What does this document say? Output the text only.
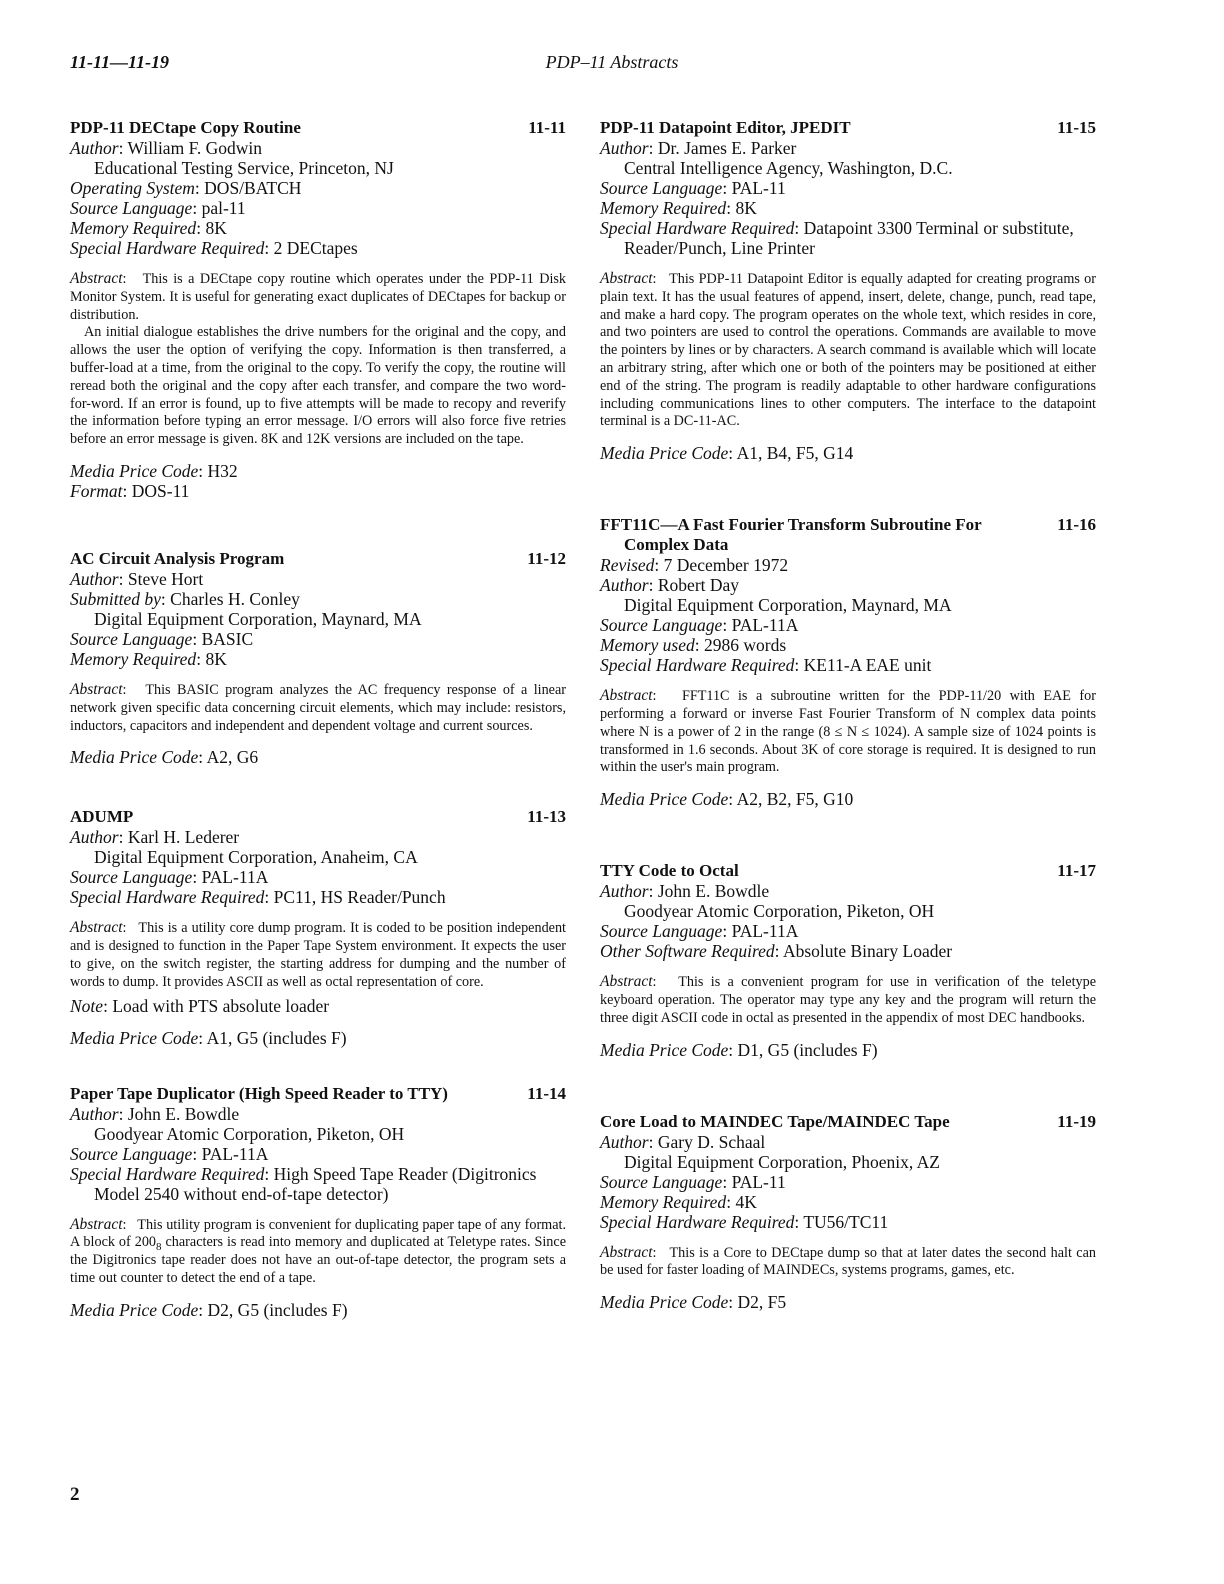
PDP–11 Abstracts
11-11—11-19
PDP-11 DECtape Copy Routine	11-11
Author: William F. Godwin
Educational Testing Service, Princeton, NJ
Operating System: DOS/BATCH
Source Language: pal-11
Memory Required: 8K
Special Hardware Required: 2 DECtapes

Abstract:   This is a DECtape copy routine which operates under the PDP-11 Disk Monitor System. It is useful for generating exact duplicates of DECtapes for backup or distribution.

An initial dialogue establishes the drive numbers for the original and the copy, and allows the user the option of verifying the copy. Information is then transferred, a buffer-load at a time, from the original to the copy. To verify the copy, the routine will reread both the original and the copy after each transfer, and compare the two word-for-word. If an error is found, up to five attempts will be made to recopy and reverify the information before typing an error message. I/O errors will also force five retries before an error message is given. 8K and 12K versions are included on the tape.

Media Price Code: H32
Format: DOS-11
AC Circuit Analysis Program	11-12
Author: Steve Hort
Submitted by: Charles H. Conley
Digital Equipment Corporation, Maynard, MA
Source Language: BASIC
Memory Required: 8K

Abstract:   This BASIC program analyzes the AC frequency response of a linear network given specific data concerning circuit elements, which may include: resistors, inductors, capacitors and independent and dependent voltage and current sources.

Media Price Code: A2, G6
ADUMP	11-13
Author: Karl H. Lederer
Digital Equipment Corporation, Anaheim, CA
Source Language: PAL-11A
Special Hardware Required: PC11, HS Reader/Punch

Abstract:   This is a utility core dump program. It is coded to be position independent and is designed to function in the Paper Tape System environment. It expects the user to give, on the switch register, the starting address for dumping and the number of words to dump. It provides ASCII as well as octal representation of core.

Note: Load with PTS absolute loader
Media Price Code: A1, G5 (includes F)
Paper Tape Duplicator (High Speed Reader to TTY)	11-14
Author: John E. Bowdle
Goodyear Atomic Corporation, Piketon, OH
Source Language: PAL-11A
Special Hardware Required: High Speed Tape Reader (Digitronics Model 2540 without end-of-tape detector)

Abstract:   This utility program is convenient for duplicating paper tape of any format. A block of $200_8$ characters is read into memory and duplicated at Teletype rates. Since the Digitronics tape reader does not have an out-of-tape detector, the program sets a time out counter to detect the end of a tape.

Media Price Code: D2, G5 (includes F)
PDP-11 Datapoint Editor, JPEDIT	11-15
Author: Dr. James E. Parker
Central Intelligence Agency, Washington, D.C.
Source Language: PAL-11
Memory Required: 8K
Special Hardware Required: Datapoint 3300 Terminal or substitute, Reader/Punch, Line Printer

Abstract:   This PDP-11 Datapoint Editor is equally adapted for creating programs or plain text. It has the usual features of append, insert, delete, change, punch, read tape, and make a hard copy. The program operates on the whole text, which resides in core, and two pointers are used to control the operations. Commands are available to move the pointers by lines or by characters. A search command is available which will locate an arbitrary string, after which one or both of the pointers may be positioned at either end of the string. The program is readily adaptable to other hardware configurations including communications lines to other computers. The interface to the datapoint terminal is a DC-11-AC.

Media Price Code: A1, B4, F5, G14
FFT11C—A Fast Fourier Transform Subroutine For Complex Data
11-16
Revised: 7 December 1972
Author: Robert Day
Digital Equipment Corporation, Maynard, MA
Source Language: PAL-11A
Memory used: 2986 words
Special Hardware Required: KE11-A EAE unit

Abstract:   FFT11C is a subroutine written for the PDP-11/20 with EAE for performing a forward or inverse Fast Fourier Transform of N complex data points where N is a power of 2 in the range (8 ≤ N ≤ 1024). A sample size of 1024 points is transformed in 1.6 seconds. About 3K of core storage is required. It is designed to run within the user's main program.

Media Price Code: A2, B2, F5, G10
TTY Code to Octal	11-17
Author: John E. Bowdle
Goodyear Atomic Corporation, Piketon, OH
Source Language: PAL-11A
Other Software Required: Absolute Binary Loader

Abstract:   This is a convenient program for use in verification of the teletype keyboard operation. The operator may type any key and the program will return the three digit ASCII code in octal as presented in the appendix of most DEC handbooks.

Media Price Code: D1, G5 (includes F)
Core Load to MAINDEC Tape/MAINDEC Tape	11-19
Author: Gary D. Schaal
Digital Equipment Corporation, Phoenix, AZ
Source Language: PAL-11
Memory Required: 4K
Special Hardware Required: TU56/TC11

Abstract:   This is a Core to DECtape dump so that at later dates the second halt can be used for faster loading of MAINDECs, systems programs, games, etc.

Media Price Code: D2, F5
2
